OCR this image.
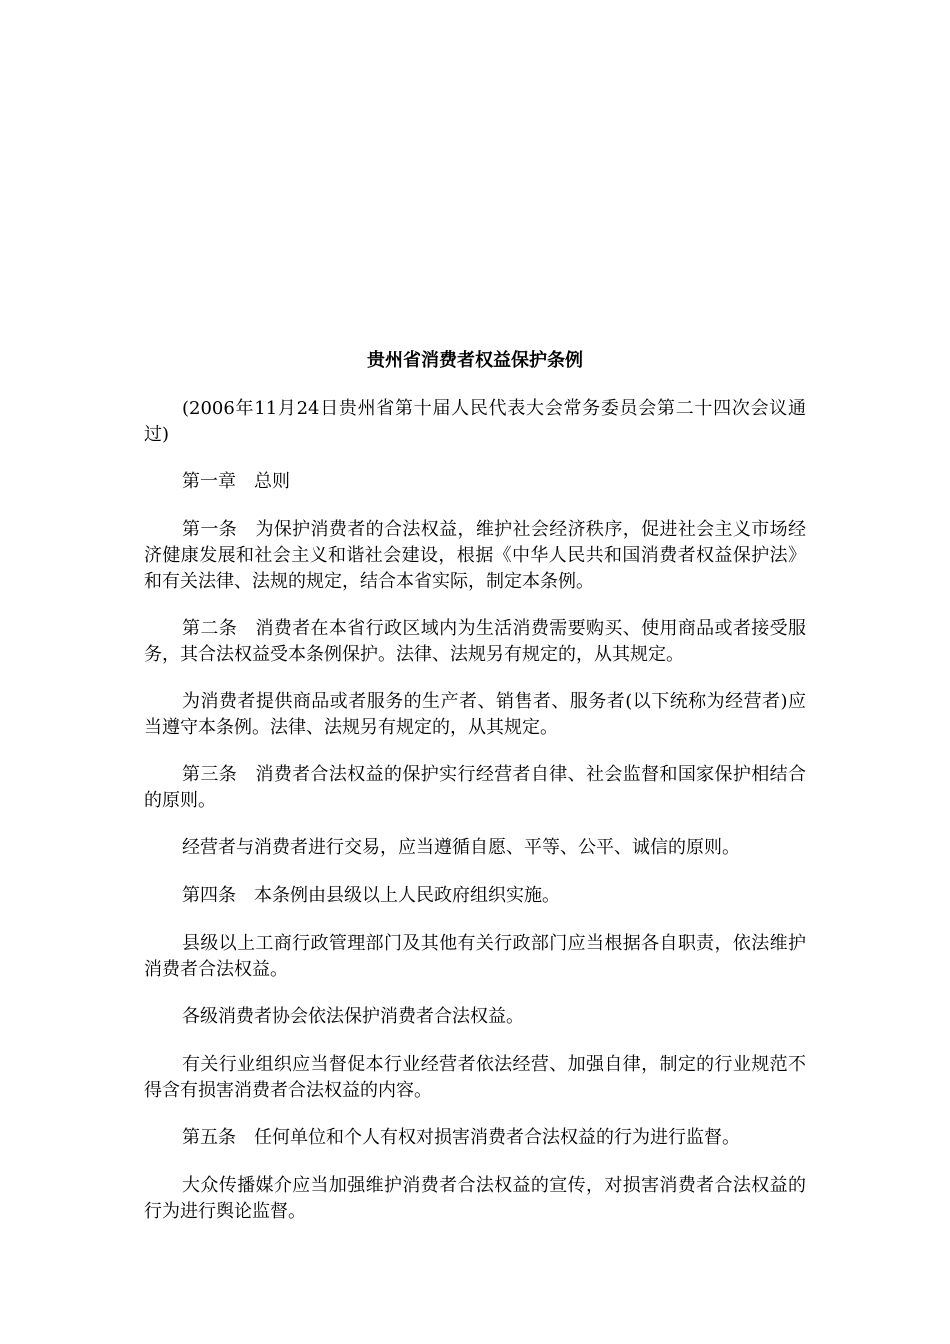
贵州省消费者权益保护条例

(2006年11月24日贵州省第十届人民代表大会常务委员会第二十四次会议通过)

第一章　总则

第一条　为保护消费者的合法权益，维护社会经济秩序，促进社会主义市场经济健康发展和社会主义和谐社会建设，根据《中华人民共和国消费者权益保护法》和有关法律、法规的规定，结合本省实际，制定本条例。

第二条　消费者在本省行政区域内为生活消费需要购买、使用商品或者接受服务，其合法权益受本条例保护。法律、法规另有规定的，从其规定。

为消费者提供商品或者服务的生产者、销售者、服务者(以下统称为经营者)应当遵守本条例。法律、法规另有规定的，从其规定。

第三条　消费者合法权益的保护实行经营者自律、社会监督和国家保护相结合的原则。

经营者与消费者进行交易，应当遵循自愿、平等、公平、诚信的原则。

第四条　本条例由县级以上人民政府组织实施。

县级以上工商行政管理部门及其他有关行政部门应当根据各自职责，依法维护消费者合法权益。

各级消费者协会依法保护消费者合法权益。

有关行业组织应当督促本行业经营者依法经营、加强自律，制定的行业规范不得含有损害消费者合法权益的内容。

第五条　任何单位和个人有权对损害消费者合法权益的行为进行监督。

大众传播媒介应当加强维护消费者合法权益的宣传，对损害消费者合法权益的行为进行舆论监督。
